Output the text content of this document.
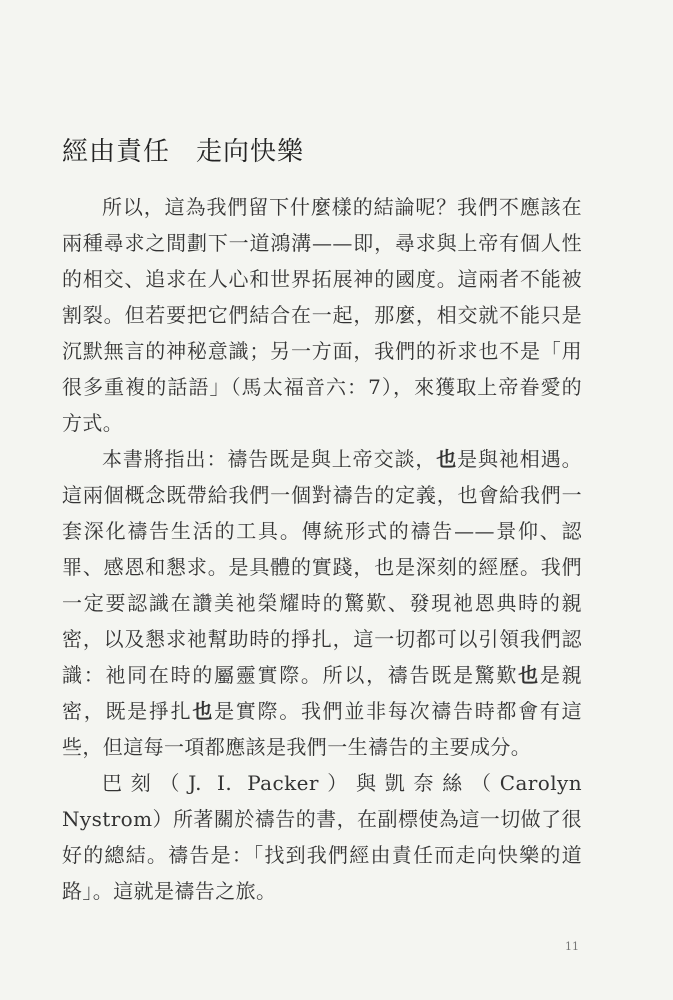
經由責任 走向快樂

所以，這為我們留下什麼樣的結論呢？我們不應該在兩種尋求之間劃下一道鴻溝——即，尋求與上帝有個人性的相交、追求在人心和世界拓展神的國度。這兩者不能被割裂。但若要把它們結合在一起，那麼，相交就不能只是沉默無言的神秘意識；另一方面，我們的祈求也不是「用很多重複的話語」（馬太福音六：7），來獲取上帝眷愛的方式。

本書將指出：禱告既是與上帝交談，也是與祂相遇。這兩個概念既帶給我們一個對禱告的定義，也會給我們一套深化禱告生活的工具。傳統形式的禱告——景仰、認罪、感恩和懇求。是具體的實踐，也是深刻的經歷。我們一定要認識在讚美祂榮耀時的驚歎、發現祂恩典時的親密，以及懇求祂幫助時的掙扎，這一切都可以引領我們認識：祂同在時的屬靈實際。所以，禱告既是驚歎也是親密，既是掙扎也是實際。我們並非每次禱告時都會有這些，但這每一項都應該是我們一生禱告的主要成分。

巴刻（J. I. Packer）與凱奈絲（Carolyn Nystrom）所著關於禱告的書，在副標使為這一切做了很好的總結。禱告是：「找到我們經由責任而走向快樂的道路」。這就是禱告之旅。

11
